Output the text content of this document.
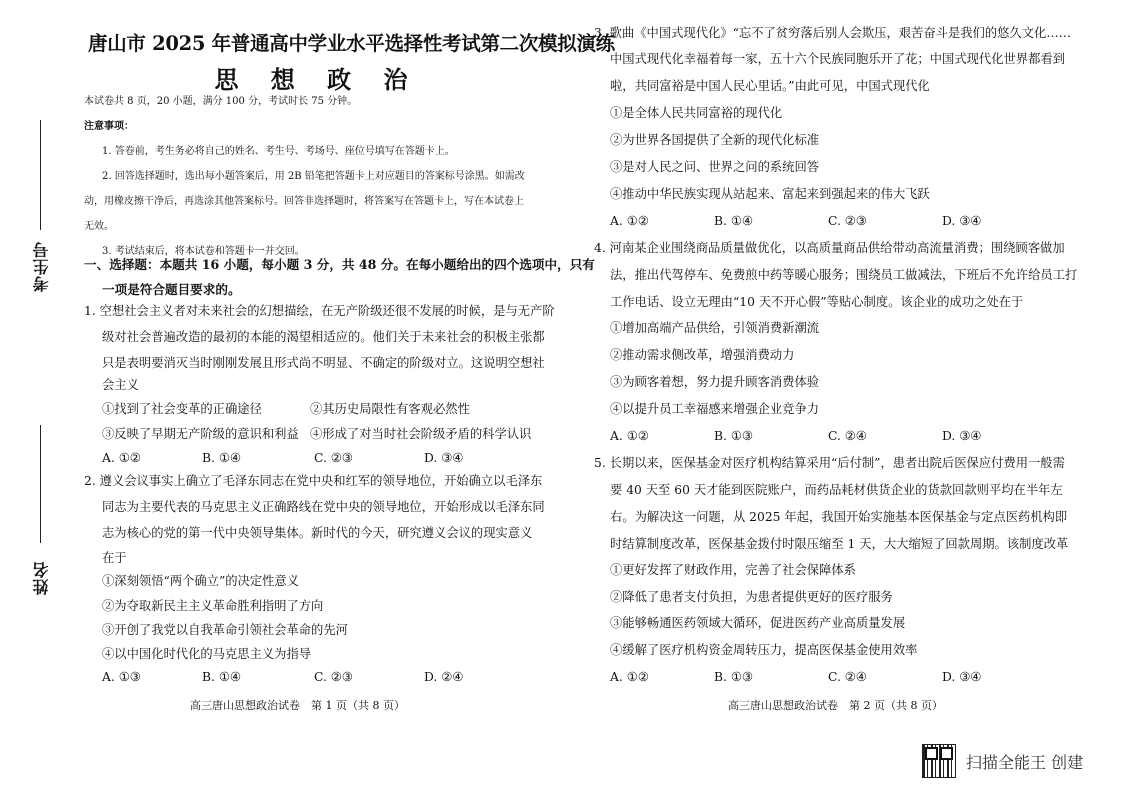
考生号
姓名
唐山市 2025 年普通高中学业水平选择性考试第二次模拟演练
思 想 政 治
本试卷共 8 页，20 小题，满分 100 分，考试时长 75 分钟。
注意事项：
1. 答卷前，考生务必将自己的姓名、考生号、考场号、座位号填写在答题卡上。
2. 回答选择题时，选出每小题答案后，用 2B 铅笔把答题卡上对应题目的答案标号涂黑。如需改
动，用橡皮擦干净后，再选涂其他答案标号。回答非选择题时，将答案写在答题卡上，写在本试卷上
无效。
3. 考试结束后，将本试卷和答题卡一并交回。
一、选择题：本题共 16 小题，每小题 3 分，共 48 分。在每小题给出的四个选项中，只有
一项是符合题目要求的。
1. 空想社会主义者对未来社会的幻想描绘，在无产阶级还很不发展的时候，是与无产阶
级对社会普遍改造的最初的本能的渴望相适应的。他们关于未来社会的积极主张都
只是表明要消灭当时刚刚发展且形式尚不明显、不确定的阶级对立。这说明空想社
会主义
①找到了社会变革的正确途径	②其历史局限性有客观必然性
③反映了早期无产阶级的意识和利益 ④形成了对当时社会阶级矛盾的科学认识
A. ①②	B. ①④	C. ②③	D. ③④
2. 遵义会议事实上确立了毛泽东同志在党中央和红军的领导地位，开始确立以毛泽东
同志为主要代表的马克思主义正确路线在党中央的领导地位，开始形成以毛泽东同
志为核心的党的第一代中央领导集体。新时代的今天，研究遵义会议的现实意义
在于
①深刻领悟“两个确立”的决定性意义
②为夺取新民主主义革命胜利指明了方向
③开创了我党以自我革命引领社会革命的先河
④以中国化时代化的马克思主义为指导
A. ①③	B. ①④	C. ②③	D. ②④
高三唐山思想政治试卷　第 1 页（共 8 页）
3. 歌曲《中国式现代化》“忘不了贫穷落后别人会欺压，艰苦奋斗是我们的悠久文化……
中国式现代化幸福着每一家，五十六个民族同胞乐开了花；中国式现代化世界都看到
啦，共同富裕是中国人民心里话。”由此可见，中国式现代化
①是全体人民共同富裕的现代化
②为世界各国提供了全新的现代化标准
③是对人民之问、世界之问的系统回答
④推动中华民族实现从站起来、富起来到强起来的伟大飞跃
A. ①②	B. ①④	C. ②③	D. ③④
4. 河南某企业围绕商品质量做优化，以高质量商品供给带动高流量消费；围绕顾客做加
法，推出代驾停车、免费煎中药等暖心服务；围绕员工做减法，下班后不允许给员工打
工作电话、设立无理由“10 天不开心假”等贴心制度。该企业的成功之处在于
①增加高端产品供给，引领消费新潮流
②推动需求侧改革，增强消费动力
③为顾客着想，努力提升顾客消费体验
④以提升员工幸福感来增强企业竞争力
A. ①②	B. ①③	C. ②④	D. ③④
5. 长期以来，医保基金对医疗机构结算采用“后付制”，患者出院后医保应付费用一般需
要 40 天至 60 天才能到医院账户，而药品耗材供货企业的货款回款则平均在半年左
右。为解决这一问题，从 2025 年起，我国开始实施基本医保基金与定点医药机构即
时结算制度改革，医保基金拨付时限压缩至 1 天，大大缩短了回款周期。该制度改革
①更好发挥了财政作用，完善了社会保障体系
②降低了患者支付负担，为患者提供更好的医疗服务
③能够畅通医药领域大循环，促进医药产业高质量发展
④缓解了医疗机构资金周转压力，提高医保基金使用效率
A. ①②	B. ①③	C. ②④	D. ③④
高三唐山思想政治试卷　第 2 页（共 8 页）
扫描全能王 创建
